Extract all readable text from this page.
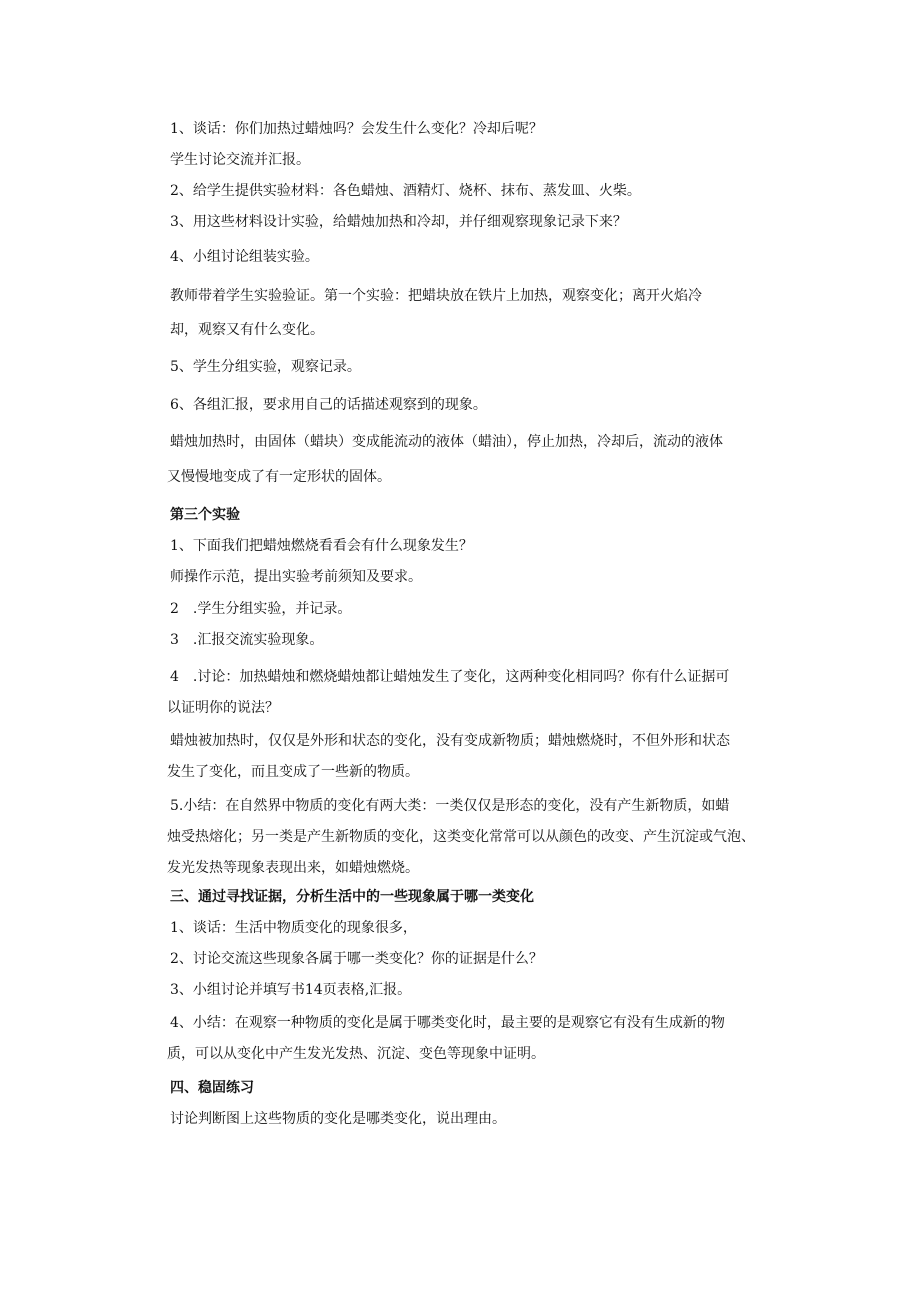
1、谈话：你们加热过蜡烛吗？会发生什么变化？冷却后呢？
学生讨论交流并汇报。
2、给学生提供实验材料：各色蜡烛、酒精灯、烧杯、抹布、蒸发皿、火柴。
3、用这些材料设计实验，给蜡烛加热和冷却，并仔细观察现象记录下来？
4、小组讨论组装实验。
教师带着学生实验验证。第一个实验：把蜡块放在铁片上加热，观察变化；离开火焰冷
却，观察又有什么变化。
5、学生分组实验，观察记录。
6、各组汇报，要求用自己的话描述观察到的现象。
蜡烛加热时，由固体（蜡块）变成能流动的液体（蜡油），停止加热，冷却后，流动的液体
又慢慢地变成了有一定形状的固体。
第三个实验
1、下面我们把蜡烛燃烧看看会有什么现象发生？
师操作示范，提出实验考前须知及要求。
2　.学生分组实验，并记录。
3　.汇报交流实验现象。
4　.讨论：加热蜡烛和燃烧蜡烛都让蜡烛发生了变化，这两种变化相同吗？你有什么证据可
以证明你的说法？
蜡烛被加热时，仅仅是外形和状态的变化，没有变成新物质；蜡烛燃烧时，不但外形和状态
发生了变化，而且变成了一些新的物质。
5.小结：在自然界中物质的变化有两大类：一类仅仅是形态的变化，没有产生新物质，如蜡
烛受热熔化；另一类是产生新物质的变化，这类变化常常可以从颜色的改变、产生沉淀或气泡、
发光发热等现象表现出来，如蜡烛燃烧。
三、通过寻找证据，分析生活中的一些现象属于哪一类变化
1、谈话：生活中物质变化的现象很多，
2、讨论交流这些现象各属于哪一类变化？你的证据是什么？
3、小组讨论并填写书14页表格,汇报。
4、小结：在观察一种物质的变化是属于哪类变化时，最主要的是观察它有没有生成新的物
质，可以从变化中产生发光发热、沉淀、变色等现象中证明。
四、稳固练习
讨论判断图上这些物质的变化是哪类变化，说出理由。
